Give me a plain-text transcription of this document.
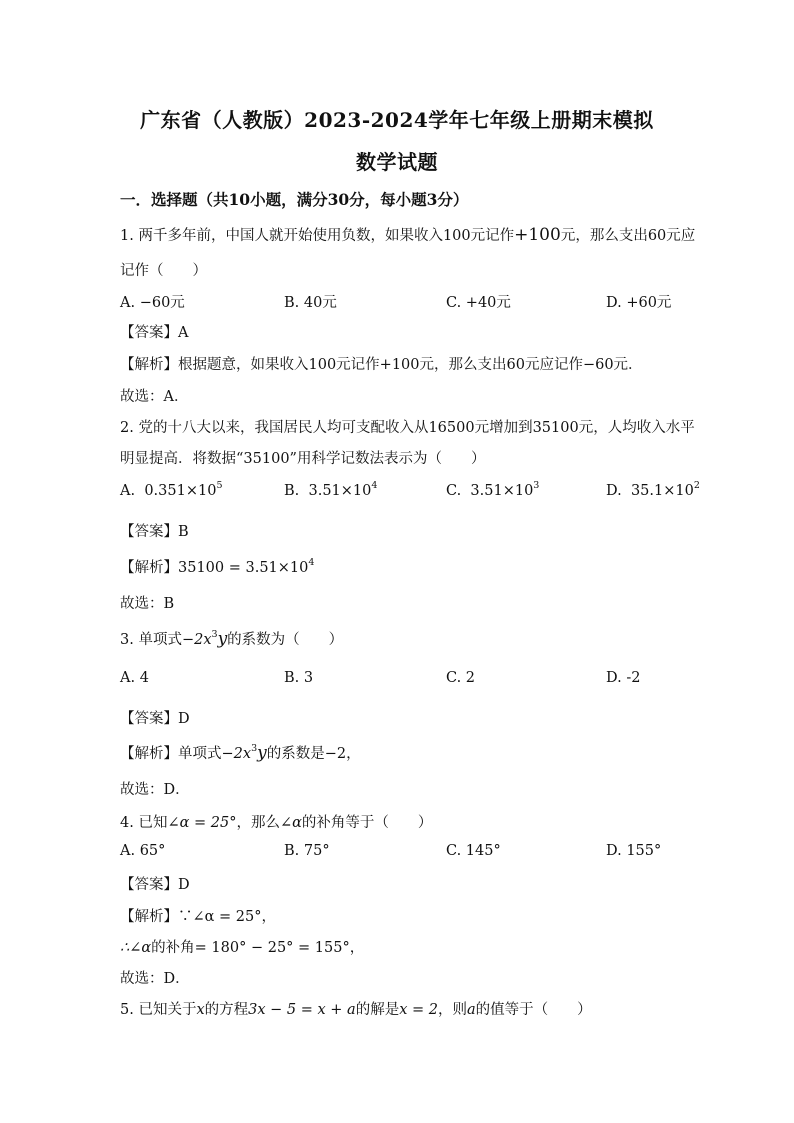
广东省（人教版）2023-2024学年七年级上册期末模拟
数学试题
一．选择题（共10小题，满分30分，每小题3分）
1. 两千多年前，中国人就开始使用负数，如果收入100元记作+100元，那么支出60元应
记作（　　）
A. −60元	B. 40元	C. +40元	D. +60元
【答案】A
【解析】根据题意，如果收入100元记作+100元，那么支出60元应记作−60元．
故选：A．
2. 党的十八大以来，我国居民人均可支配收入从16500元增加到35100元，人均收入水平
明显提高．将数据“35100”用科学记数法表示为（　　）
A. $0.351\times 10^5$	B. $3.51\times 10^4$	C. $3.51\times 10^3$	D. $35.1\times 10^2$
【答案】B
【解析】$35100 = 3.51\times 10^4$
故选：B
3. 单项式$-2x^3y$的系数为（　　）
A. 4	B. 3	C. 2	D. -2
【答案】D
【解析】单项式$-2x^3y$的系数是−2，
故选：D．
4. 已知∠α = 25°，那么∠α的补角等于（　　）
A. 65°	B. 75°	C. 145°	D. 155°
【答案】D
【解析】∵∠α = 25°，
∴∠α的补角= 180° − 25° = 155°，
故选：D．
5. 已知关于x的方程3x − 5 = x + a的解是x = 2，则a的值等于（　　）
